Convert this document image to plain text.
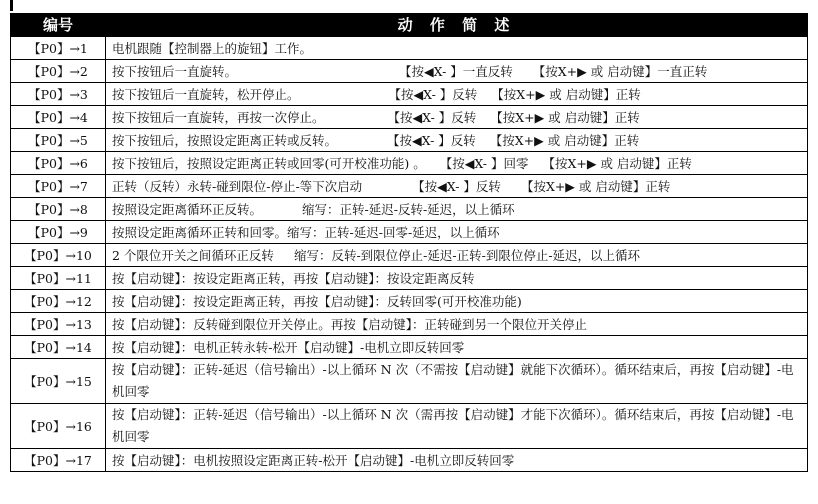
编号	动 作 简 述
【P0】→1	电机跟随【控制器上的旋钮】工作。
【P0】→2	按下按钮后一直旋转。 【按◀X- 】一直反转 【按X+▶ 或 启动键】一直正转
【P0】→3	按下按钮后一直旋转，松开停止。 【按◀X- 】反转 【按X+▶ 或 启动键】正转
【P0】→4	按下按钮后一直旋转，再按一次停止。 【按◀X- 】反转 【按X+▶ 或 启动键】正转
【P0】→5	按下按钮后，按照设定距离正转或反转。 【按◀X- 】反转 【按X+▶ 或 启动键】正转
【P0】→6	按下按钮后，按照设定距离正转或回零(可开校准功能) 。 【按◀X- 】回零 【按X+▶ 或 启动键】正转
【P0】→7	正转（反转）永转-碰到限位-停止-等下次启动 【按◀X- 】反转 【按X+▶ 或 启动键】正转
【P0】→8	按照设定距离循环正反转。 缩写：正转-延迟-反转-延迟，以上循环
【P0】→9	按照设定距离循环正转和回零。缩写：正转-延迟-回零-延迟，以上循环
【P0】→10	2 个限位开关之间循环正反转 缩写：反转-到限位停止-延迟-正转-到限位停止-延迟，以上循环
【P0】→11	按【启动键】：按设定距离正转，再按【启动键】：按设定距离反转
【P0】→12	按【启动键】：按设定距离正转，再按【启动键】：反转回零(可开校准功能)
【P0】→13	按【启动键】：反转碰到限位开关停止。再按【启动键】：正转碰到另一个限位开关停止
【P0】→14	按【启动键】：电机正转永转-松开【启动键】-电机立即反转回零
【P0】→15	按【启动键】：正转-延迟（信号输出）-以上循环 N 次（不需按【启动键】就能下次循环）。循环结束后，再按【启动键】-电机回零
【P0】→16	按【启动键】：正转-延迟（信号输出）-以上循环 N 次（需再按【启动键】才能下次循环）。循环结束后，再按【启动键】-电机回零
【P0】→17	按【启动键】：电机按照设定距离正转-松开【启动键】-电机立即反转回零
